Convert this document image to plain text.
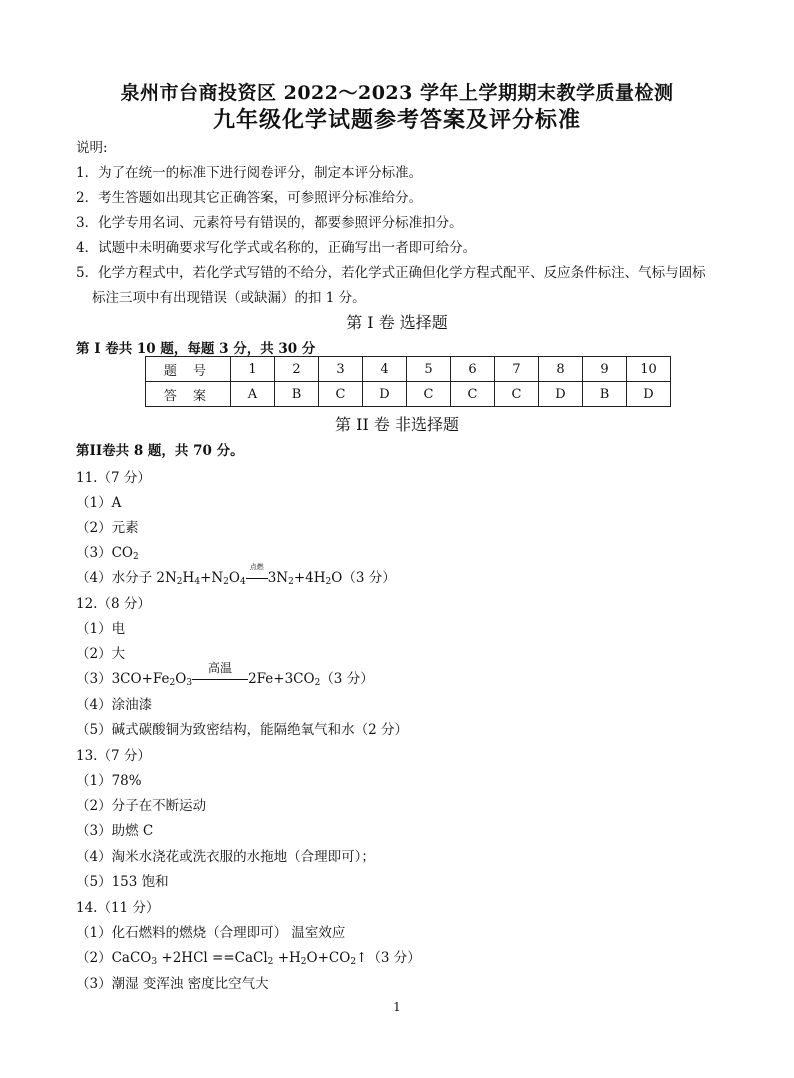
泉州市台商投资区 2022～2023 学年上学期期末教学质量检测
九年级化学试题参考答案及评分标准
说明:
1．为了在统一的标准下进行阅卷评分，制定本评分标准。
2．考生答题如出现其它正确答案，可参照评分标准给分。
3．化学专用名词、元素符号有错误的，都要参照评分标准扣分。
4．试题中未明确要求写化学式或名称的，正确写出一者即可给分。
5．化学方程式中，若化学式写错的不给分，若化学式正确但化学方程式配平、反应条件标注、气标与固标
标注三项中有出现错误（或缺漏）的扣 1 分。
第 I 卷 选择题
第 I 卷共 10 题，每题 3 分，共 30 分
题 号	1	2	3	4	5	6	7	8	9	10
答 案	A	B	C	D	C	C	C	D	B	D
第 II 卷 非选择题
第II卷共 8 题，共 70 分。
11.（7 分）
（1）A
（2）元素
$(3)CO_2$
（4）水分子 $2N_2H_4+N_2O_4$
点燃
$3N_2+4H_2O(3$ 分）
12.（8 分）
（1）电
（2）大
$(3)3CO+Fe_2O_3$
高温
$2Fe+3CO_2(3$ 分）
（4）涂油漆
（5）碱式碳酸铜为致密结构，能隔绝氧气和水（2 分）
13.（7 分）
（1）78%
（2）分子在不断运动
（3）助燃 C
（4）淘米水浇花或洗衣服的水拖地（合理即可）；
（5）153 饱和
14.（11 分）
（1）化石燃料的燃烧（合理即可） 温室效应
（2）CaCO$_3$ +2HCl ==CaCl$_2$ $+H_2O+CO_2↑(3$ 分）
（3）潮湿 变浑浊 密度比空气大
1
